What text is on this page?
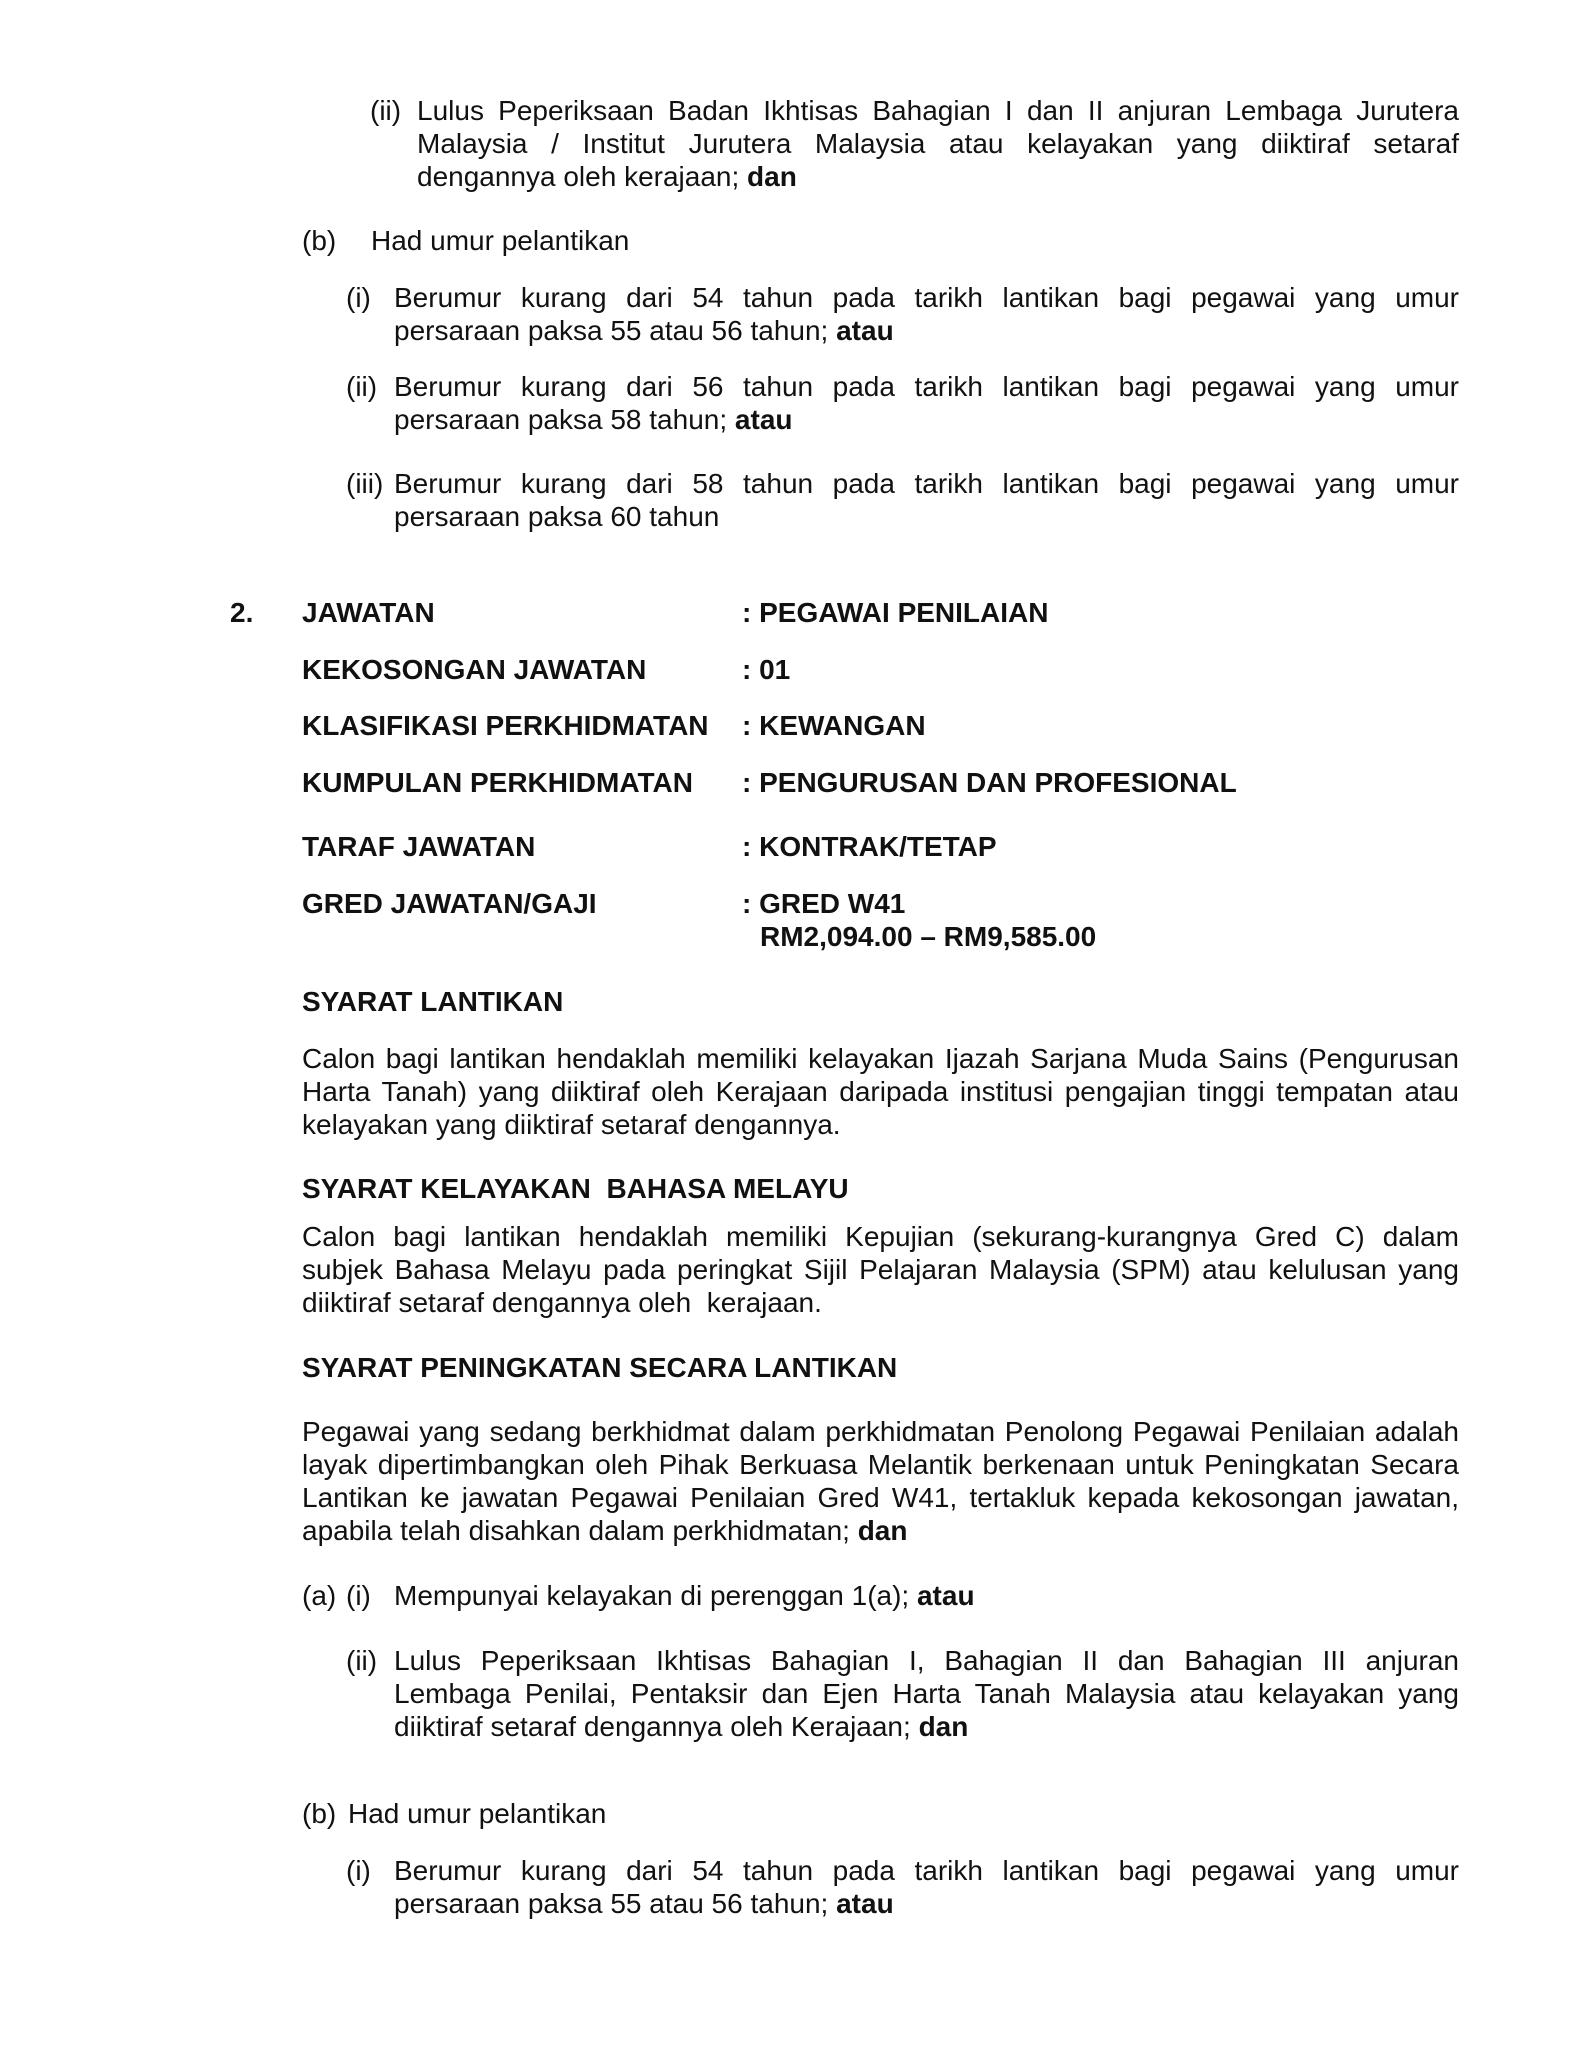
(ii) Lulus Peperiksaan Badan Ikhtisas Bahagian I dan II anjuran Lembaga Jurutera
Malaysia / Institut Jurutera Malaysia atau kelayakan yang diiktiraf setaraf
dengannya oleh kerajaan; dan
(b) Had umur pelantikan
(i) Berumur kurang dari 54 tahun pada tarikh lantikan bagi pegawai yang umur
persaraan paksa 55 atau 56 tahun; atau
(ii) Berumur kurang dari 56 tahun pada tarikh lantikan bagi pegawai yang umur
persaraan paksa 58 tahun; atau
(iii) Berumur kurang dari 58 tahun pada tarikh lantikan bagi pegawai yang umur
persaraan paksa 60 tahun
2. JAWATAN	: PEGAWAI PENILAIAN
KEKOSONGAN JAWATAN	: 01
KLASIFIKASI PERKHIDMATAN : KEWANGAN
KUMPULAN PERKHIDMATAN : PENGURUSAN DAN PROFESIONAL
TARAF JAWATAN	: KONTRAK/TETAP
GRED JAWATAN/GAJI	: GRED W41
RM2,094.00 – RM9,585.00
SYARAT LANTIKAN
Calon bagi lantikan hendaklah memiliki kelayakan Ijazah Sarjana Muda Sains (Pengurusan
Harta Tanah) yang diiktiraf oleh Kerajaan daripada institusi pengajian tinggi tempatan atau
kelayakan yang diiktiraf setaraf dengannya.
SYARAT KELAYAKAN  BAHASA MELAYU
Calon bagi lantikan hendaklah memiliki Kepujian (sekurang-kurangnya Gred C) dalam
subjek Bahasa Melayu pada peringkat Sijil Pelajaran Malaysia (SPM) atau kelulusan yang
diiktiraf setaraf dengannya oleh  kerajaan.
SYARAT PENINGKATAN SECARA LANTIKAN
Pegawai yang sedang berkhidmat dalam perkhidmatan Penolong Pegawai Penilaian adalah
layak dipertimbangkan oleh Pihak Berkuasa Melantik berkenaan untuk Peningkatan Secara
Lantikan ke jawatan Pegawai Penilaian Gred W41, tertakluk kepada kekosongan jawatan,
apabila telah disahkan dalam perkhidmatan; dan
(a) (i) Mempunyai kelayakan di perenggan 1(a); atau
(ii) Lulus Peperiksaan Ikhtisas Bahagian I, Bahagian II dan Bahagian III anjuran
Lembaga Penilai, Pentaksir dan Ejen Harta Tanah Malaysia atau kelayakan yang
diiktiraf setaraf dengannya oleh Kerajaan; dan
(b) Had umur pelantikan
(i) Berumur kurang dari 54 tahun pada tarikh lantikan bagi pegawai yang umur
persaraan paksa 55 atau 56 tahun; atau
